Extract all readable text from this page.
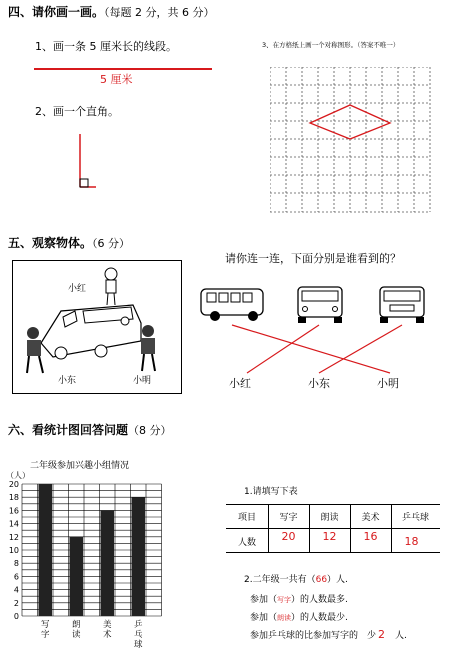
四、请你画一画。（每题 2 分，共 6 分）
1、画一条 5 厘米长的线段。
5 厘米
2、画一个直角。
3、在方格纸上画一个对称图形。（答案不唯一）
五、观察物体。（6 分）
请你连一连，下面分别是谁看到的？
小红
小东	小明	小红	小东	小明
六、看统计图回答问题（8 分）
二年级参加兴趣小组情况
（人）
0
2
4
6
8
10
12
14
16
18
20
写
字
朗
读
美
术
乒
乓
球
1.请填写下表
项目	写字	朗读	美术	乒乓球
人数	20	12	16	18
2.二年级一共有（66）人.
参加（写字）的人数最多.
参加（朗读）的人数最少.
参加乒乓球的比参加写字的　少 2 人.
